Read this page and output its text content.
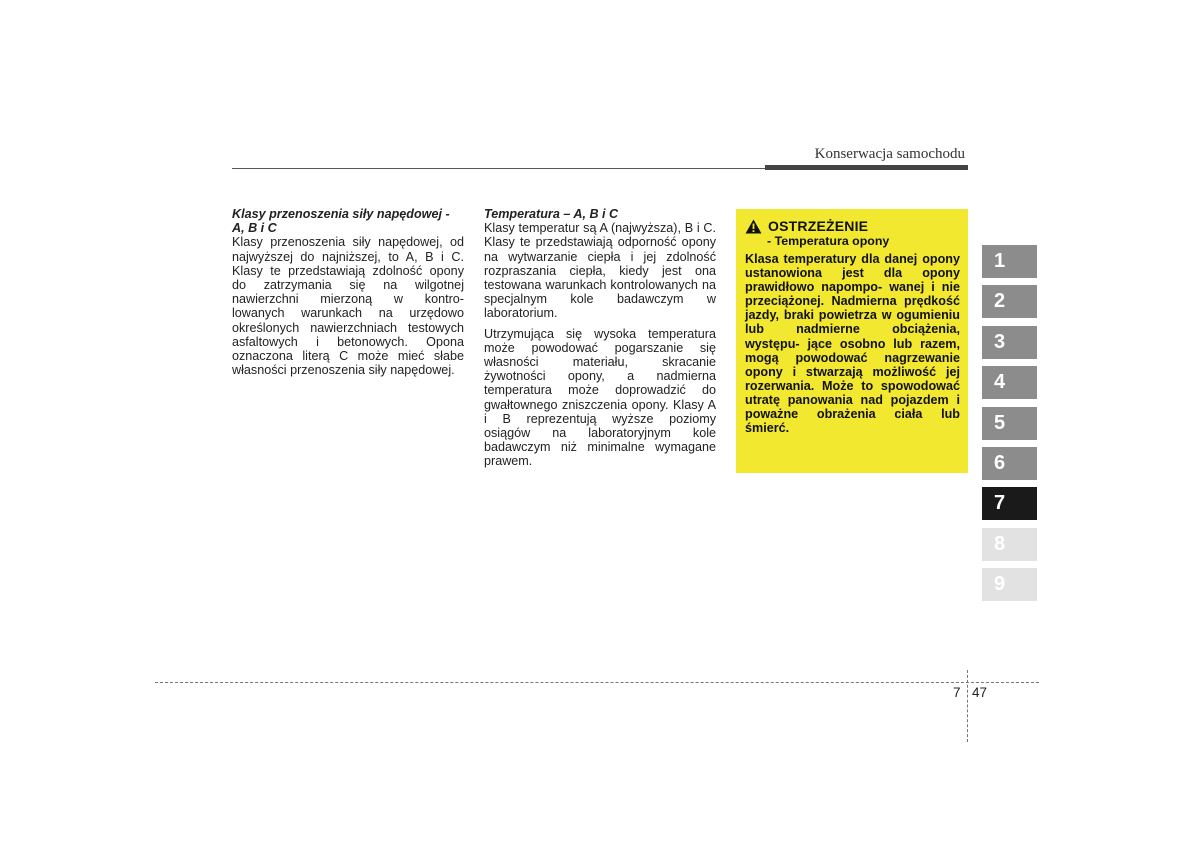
Konserwacja samochodu
Klasy przenoszenia siły napędowej - A, B i C

Klasy przenoszenia siły napędowej, od najwyższej do najniższej, to A, B i C. Klasy te przedstawiają zdolność opony do zatrzymania się na wilgotnej nawierzchni mierzoną w kontro- lowanych warunkach na urzędowo określonych nawierzchniach testowych asfaltowych i betonowych. Opona oznaczona literą C może mieć słabe własności przenoszenia siły napędowej.

Temperatura – A, B i C

Klasy temperatur są A (najwyższa), B i C. Klasy te przedstawiają odporność opony na wytwarzanie ciepła i jej zdolność rozpraszania ciepła, kiedy jest ona testowana warunkach kontrolowanych na specjalnym kole badawczym w laboratorium.

Utrzymująca się wysoka temperatura może powodować pogarszanie się własności materiału, skracanie żywotności opony, a nadmierna temperatura może doprowadzić do gwałtownego zniszczenia opony. Klasy A i B reprezentują wyższe poziomy osiągów na laboratoryjnym kole badawczym niż minimalne wymagane prawem.

OSTRZEŻENIE
- Temperatura opony

Klasa temperatury dla danej opony ustanowiona jest dla opony prawidłowo napompo- wanej i nie przeciążonej. Nadmierna prędkość jazdy, braki powietrza w ogumieniu lub nadmierne obciążenia, występu- jące osobno lub razem, mogą powodować nagrzewanie opony i stwarzają możliwość jej rozerwania. Może to spowodować utratę panowania nad pojazdem i poważne obrażenia ciała lub śmierć.

1
2
3
4
5
6
7
8
9
7 47
